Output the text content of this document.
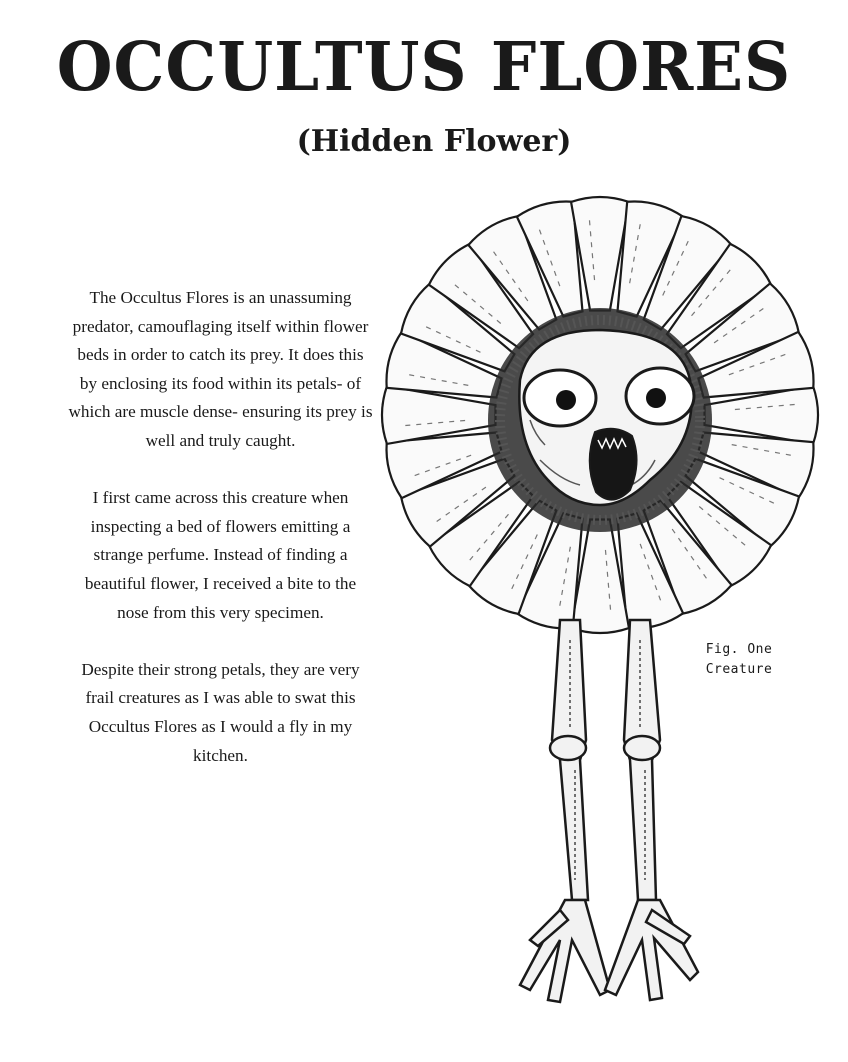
OCCULTUS FLORES
(Hidden Flower)

The Occultus Flores is an unassuming predator, camouflaging itself within flower beds in order to catch its prey. It does this by enclosing its food within its petals- of which are muscle dense- ensuring its prey is well and truly caught.

I first came across this creature when inspecting a bed of flowers emitting a strange perfume. Instead of finding a beautiful flower, I received a bite to the nose from this very specimen.

Despite their strong petals, they are very frail creatures as I was able to swat this Occultus Flores as I would a fly in my kitchen.

Fig. One
Creature
